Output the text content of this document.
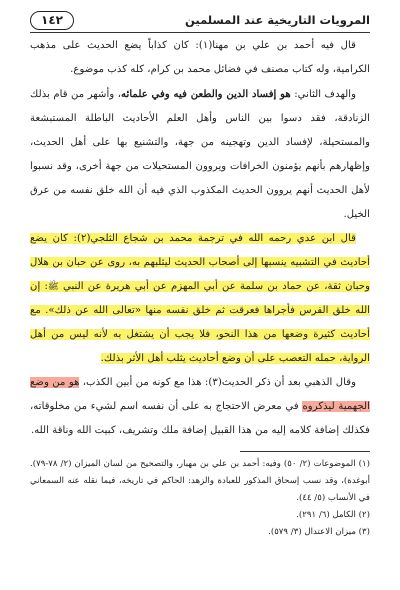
المرويات التاريخية عند المسلمين
١٤٢

قال فيه أحمد بن علي بن مهنا(١): كان كذاباً يضع الحديث على مذهب الكرامية، وله كتاب مصنف في فضائل محمد بن كرام، كله كذب موضوع.

والهدف الثاني: هو إفساد الدين والطعن فيه وفي علمائه، وأشهر من قام بذلك الزنادقة، فقد دسوا بين الناس وأهل العلم الأحاديث الباطلة المستبشعة والمستحيلة، لإفساد الدين وتهجينه من جهة، والتشنيع بها على أهل الحديث، وإظهارهم بأنهم يؤمنون الخرافات ويروون المستحيلات من جهة أخرى، وقد نسبوا لأهل الحديث أنهم يروون الحديث المكذوب الذي فيه أن الله خلق نفسه من عرق الخيل.

قال ابن عدي رحمه الله في ترجمة محمد بن شجاع الثلجي(٢): كان يضع أحاديث في التشبيه ينسبها إلى أصحاب الحديث ليثلبهم به، روى عن حبان بن هلال وحبان ثقة، عن حماد بن سلمة عن أبي المهزم عن أبي هريرة عن النبي ﷺ: إن الله خلق الفرس فأجراها فعرقت ثم خلق نفسه منها «تعالى الله عن ذلك». مع أحاديث كثيرة وضعها من هذا النحو، فلا يجب أن يشتغل به لأنه ليس من أهل الرواية، حمله التعصب على أن وضع أحاديث يثلب أهل الأثر بذلك.

وقال الذهبي بعد أن ذكر الحديث(٣): هذا مع كونه من أبين الكذب، هو من وضع الجهمية ليذكروه في معرض الاحتجاج به على أن نفسه اسم لشيء من مخلوقاته، فكذلك إضافة كلامه إليه من هذا القبيل إضافة ملك وتشريف، كبيت الله وناقة الله.

(١) الموضوعات (٢/ ٥٠) وفيه: أحمد بن علي بن مهبار، والتصحيح من لسان الميزان (٢/ ٧٨-٧٩). أبوغدة)، وقد نسب إسحاق المذكور للعبادة والزهد: الحاكم في تاريخه، فيما نقله عنه السمعاني في الأنساب (٥/ ٤٤).

(٢) الكامل (٦/ ٢٩١).

(٣) ميزان الاعتدال (٣/ ٥٧٩).
